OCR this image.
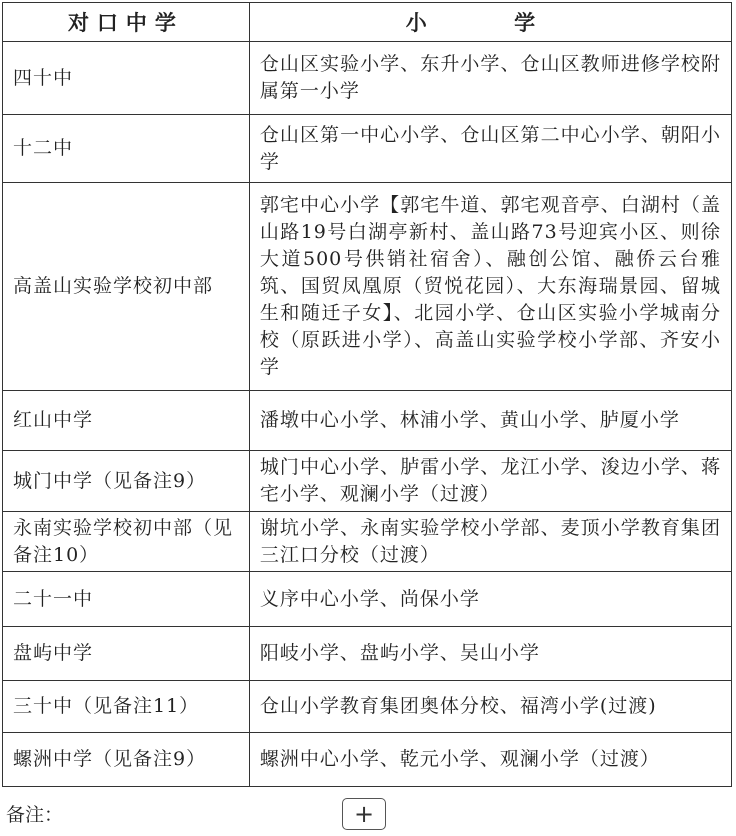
对口中学	小 学
四十中	仓山区实验小学、东升小学、仓山区教师进修学校附属第一小学
十二中	仓山区第一中心小学、仓山区第二中心小学、朝阳小学
高盖山实验学校初中部	郭宅中心小学【郭宅牛道、郭宅观音亭、白湖村（盖山路19号白湖亭新村、盖山路73号迎宾小区、则徐大道500号供销社宿舍）、融创公馆、融侨云台雅筑、国贸凤凰原（贸悦花园）、大东海瑞景园、留城生和随迁子女】、北园小学、仓山区实验小学城南分校（原跃进小学）、高盖山实验学校小学部、齐安小学
红山中学	潘墩中心小学、林浦小学、黄山小学、胪厦小学
城门中学（见备注9）	城门中心小学、胪雷小学、龙江小学、浚边小学、蒋宅小学、观澜小学（过渡）
永南实验学校初中部（见备注10）	谢坑小学、永南实验学校小学部、麦顶小学教育集团三江口分校（过渡）
二十一中	义序中心小学、尚保小学
盘屿中学	阳岐小学、盘屿小学、吴山小学
三十中（见备注11）	仓山小学教育集团奥体分校、福湾小学(过渡)
螺洲中学（见备注9）	螺洲中心小学、乾元小学、观澜小学（过渡）
备注：	+
